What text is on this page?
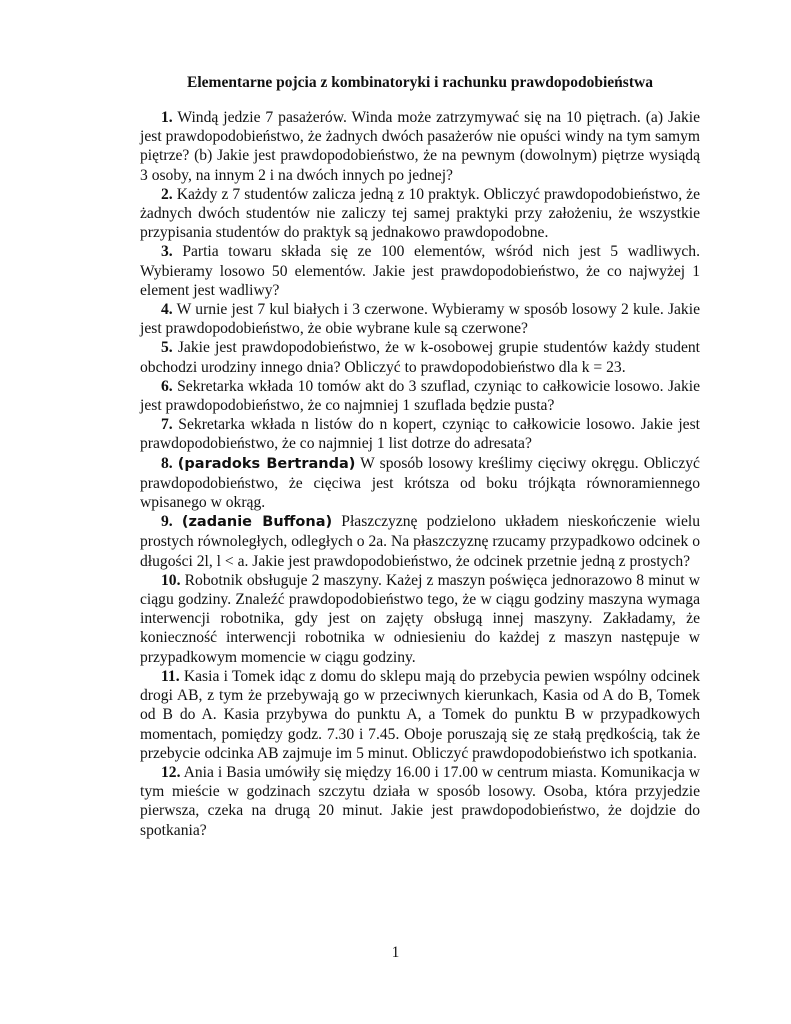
Elementarne pojcia z kombinatoryki i rachunku prawdopodobieństwa

1. Windą jedzie 7 pasażerów. Winda może zatrzymywać się na 10 piętrach. (a) Jakie jest prawdopodobieństwo, że żadnych dwóch pasażerów nie opuści windy na tym samym piętrze? (b) Jakie jest prawdopodobieństwo, że na pewnym (dowolnym) piętrze wysiądą 3 osoby, na innym 2 i na dwóch innych po jednej?

2. Każdy z 7 studentów zalicza jedną z 10 praktyk. Obliczyć prawdopodobieństwo, że żadnych dwóch studentów nie zaliczy tej samej praktyki przy założeniu, że wszystkie przypisania studentów do praktyk są jednakowo prawdopodobne.

3. Partia towaru składa się ze 100 elementów, wśród nich jest 5 wadliwych. Wybieramy losowo 50 elementów. Jakie jest prawdopodobieństwo, że co najwyżej 1 element jest wadliwy?

4. W urnie jest 7 kul białych i 3 czerwone. Wybieramy w sposób losowy 2 kule. Jakie jest prawdopodobieństwo, że obie wybrane kule są czerwone?

5. Jakie jest prawdopodobieństwo, że w k-osobowej grupie studentów każdy student obchodzi urodziny innego dnia? Obliczyć to prawdopodobieństwo dla k = 23.

6. Sekretarka wkłada 10 tomów akt do 3 szuflad, czyniąc to całkowicie losowo. Jakie jest prawdopodobieństwo, że co najmniej 1 szuflada będzie pusta?

7. Sekretarka wkłada n listów do n kopert, czyniąc to całkowicie losowo. Jakie jest prawdopodobieństwo, że co najmniej 1 list dotrze do adresata?

8. (paradoks Bertranda) W sposób losowy kreślimy cięciwy okręgu. Obliczyć prawdopodobieństwo, że cięciwa jest krótsza od boku trójkąta równoramiennego wpisanego w okrąg.

9. (zadanie Buffona) Płaszczyznę podzielono układem nieskończenie wielu prostych równoległych, odległych o 2a. Na płaszczyznę rzucamy przypadkowo odcinek o długości 2l, l < a. Jakie jest prawdopodobieństwo, że odcinek przetnie jedną z prostych?

10. Robotnik obsługuje 2 maszyny. Każej z maszyn poświęca jednorazowo 8 minut w ciągu godziny. Znaleźć prawdopodobieństwo tego, że w ciągu godziny maszyna wymaga interwencji robotnika, gdy jest on zajęty obsługą innej maszyny. Zakładamy, że konieczność interwencji robotnika w odniesieniu do każdej z maszyn następuje w przypadkowym momencie w ciągu godziny.

11. Kasia i Tomek idąc z domu do sklepu mają do przebycia pewien wspólny odcinek drogi AB, z tym że przebywają go w przeciwnych kierunkach, Kasia od A do B, Tomek od B do A. Kasia przybywa do punktu A, a Tomek do punktu B w przypadkowych momentach, pomiędzy godz. 7.30 i 7.45. Oboje poruszają się ze stałą prędkością, tak że przebycie odcinka AB zajmuje im 5 minut. Obliczyć prawdopodobieństwo ich spotkania.

12. Ania i Basia umówiły się między 16.00 i 17.00 w centrum miasta. Komunikacja w tym mieście w godzinach szczytu działa w sposób losowy. Osoba, która przyjedzie pierwsza, czeka na drugą 20 minut. Jakie jest prawdopodobieństwo, że dojdzie do spotkania?

1
